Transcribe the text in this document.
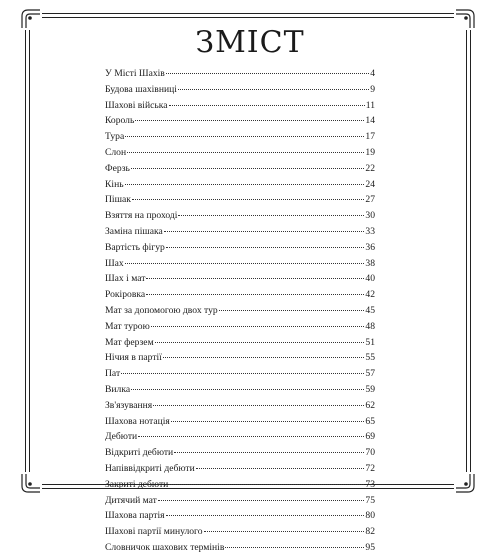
ЗМІСТ
У Місті Шахів	4
Будова шахівниці	9
Шахові війська	11
Король	14
Тура	17
Слон	19
Ферзь	22
Кінь	24
Пішак	27
Взяття на проході	30
Заміна пішака	33
Вартість фігур	36
Шах	38
Шах і мат	40
Рокіровка	42
Мат за допомогою двох тур	45
Мат турою	48
Мат ферзем	51
Нічия в партії	55
Пат	57
Вилка	59
Зв'язування	62
Шахова нотація	65
Дебюти	69
Відкриті дебюти	70
Напіввідкриті дебюти	72
Закриті дебюти	73
Дитячий мат	75
Шахова партія	80
Шахові партії минулого	82
Словничок шахових термінів	95
